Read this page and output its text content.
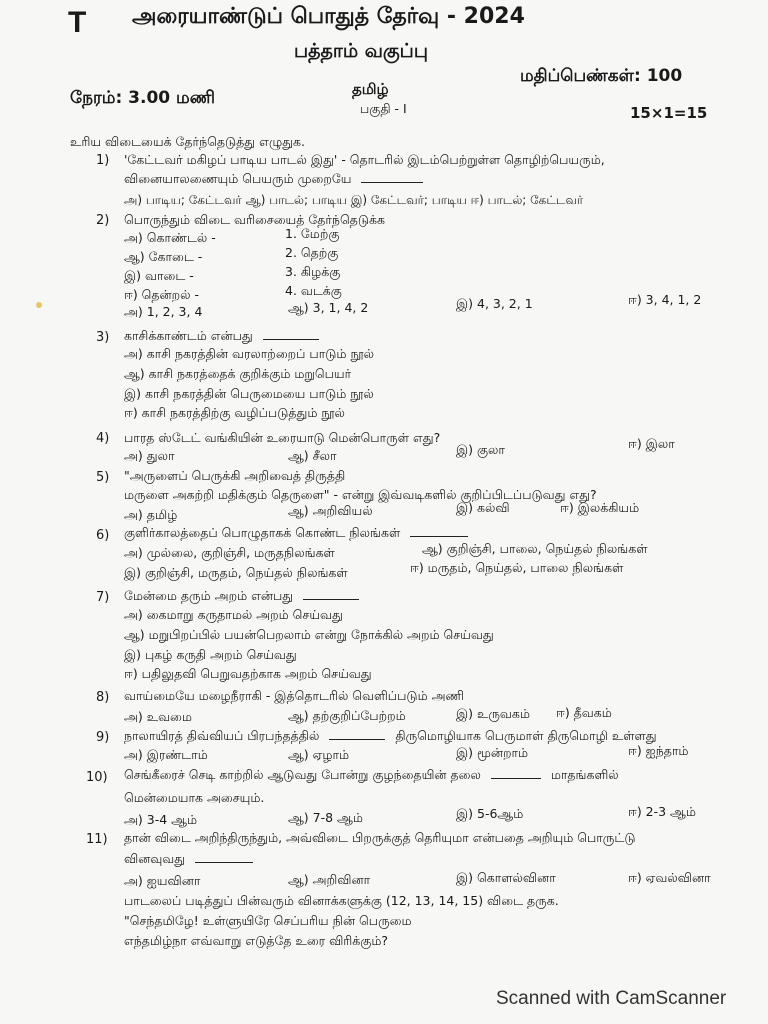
T அரையாண்டுப் பொதுத் தேர்வு - 2024
பத்தாம் வகுப்பு
நேரம்: 3.00 மணி	தமிழ்
மதிப்பெண்கள்: 100
பகுதி - I	15×1=15
உரிய விடையைக் தேர்ந்தெடுத்து எழுதுக.
1) 'கேட்டவர் மகிழப் பாடிய பாடல் இது' - தொடரில் இடம்பெற்றுள்ள தொழிற்பெயரும்,
வினையாலணையும் பெயரும் முறையே
அ) பாடிய; கேட்டவர் ஆ) பாடல்; பாடிய இ) கேட்டவர்; பாடிய ஈ) பாடல்; கேட்டவர்
2) பொருந்தும் விடை வரிசையைத் தேர்ந்தெடுக்க
அ) கொண்டல் -	1. மேற்கு
ஆ) கோடை -	2. தெற்கு
இ) வாடை -	3. கிழக்கு
ஈ) தென்றல் -	4. வடக்கு
அ) 1, 2, 3, 4	ஆ) 3, 1, 4, 2	இ) 4, 3, 2, 1	ஈ) 3, 4, 1, 2
3) காசிக்காண்டம் என்பது
அ) காசி நகரத்தின் வரலாற்றைப் பாடும் நூல்
ஆ) காசி நகரத்தைக் குறிக்கும் மறுபெயர்
இ) காசி நகரத்தின் பெருமையை பாடும் நூல்
ஈ) காசி நகரத்திற்கு வழிப்படுத்தும் நூல்
4) பாரத ஸ்டேட் வங்கியின் உரையாடு மென்பொருள் எது?
அ) துலா	ஆ) சீலா	இ) குலா	ஈ) இலா
5) "அருளைப் பெருக்கி அறிவைத் திருத்தி
மருளை அகற்றி மதிக்கும் தெருளை" - என்று இவ்வடிகளில் குறிப்பிடப்படுவது எது?
அ) தமிழ்	ஆ) அறிவியல்	இ) கல்வி	ஈ) இலக்கியம்
6) குளிர்காலத்தைப் பொழுதாகக் கொண்ட நிலங்கள்
அ) முல்லை, குறிஞ்சி, மருதநிலங்கள்	ஆ) குறிஞ்சி, பாலை, நெய்தல் நிலங்கள்
இ) குறிஞ்சி, மருதம், நெய்தல் நிலங்கள்	ஈ) மருதம், நெய்தல், பாலை நிலங்கள்
7) மேன்மை தரும் அறம் என்பது
அ) கைமாறு கருதாமல் அறம் செய்வது
ஆ) மறுபிறப்பில் பயன்பெறலாம் என்று நோக்கில் அறம் செய்வது
இ) புகழ் கருதி அறம் செய்வது
ஈ) பதிலுதவி பெறுவதற்காக அறம் செய்வது
8) வாய்மையே மழைநீராகி - இத்தொடரில் வெளிப்படும் அணி
அ) உவமை	ஆ) தற்குறிப்பேற்றம்	இ) உருவகம் ஈ) தீவகம்
9) நாலாயிரத் திவ்வியப் பிரபந்தத்தில்	திருமொழியாக பெருமாள் திருமொழி உள்ளது
அ) இரண்டாம்	ஆ) ஏழாம்	இ) மூன்றாம்	ஈ) ஐந்தாம்
10) செங்கீரைச் செடி காற்றில் ஆடுவது போன்று குழந்தையின் தலை	மாதங்களில்
மென்மையாக அசையும்.
அ) 3-4 ஆம்	ஆ) 7-8 ஆம்	இ) 5-6ஆம்	ஈ) 2-3 ஆம்
11) தான் விடை அறிந்திருந்தும், அவ்விடை பிறருக்குத் தெரியுமா என்பதை அறியும் பொருட்டு
வினவுவது
அ) ஐயவினா	ஆ) அறிவினா	இ) கொளல்வினா	ஈ) ஏவல்வினா
பாடலைப் படித்துப் பின்வரும் வினாக்களுக்கு (12, 13, 14, 15) விடை தருக.
"செந்தமிழே! உள்ளுயிரே செப்பரிய நின் பெருமை
எந்தமிழ்நா எவ்வாறு எடுத்தே உரை விரிக்கும்?
Scanned with CamScanner
